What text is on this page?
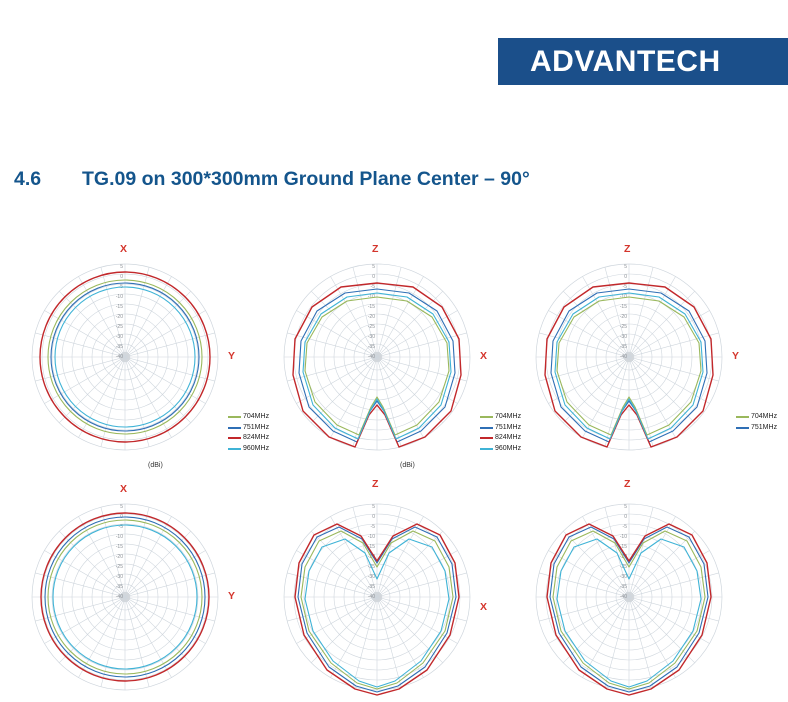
ADVANTECH
4.6 TG.09 on 300*300mm Ground Plane Center – 90°
5
0
-5
-10
-15
-20
-25
-30
-35
-40
X
Y
(dBi)
704MHz
751MHz
824MHz
960MHz
5
0
-5
-10
-15
-20
-25
-30
-35
-40
Z
X
(dBi)
704MHz
751MHz
824MHz
960MHz
5
0
-5
-10
-15
-20
-25
-30
-35
-40
Z
Y
704MHz
751MHz
5
0
-5
-10
-15
-20
-25
-30
-35
-40
X
Y
5
0
-5
-10
-15
-20
-25
-30
-35
-40
Z
X
5
0
-5
-10
-15
-20
-25
-30
-35
-40
Z
